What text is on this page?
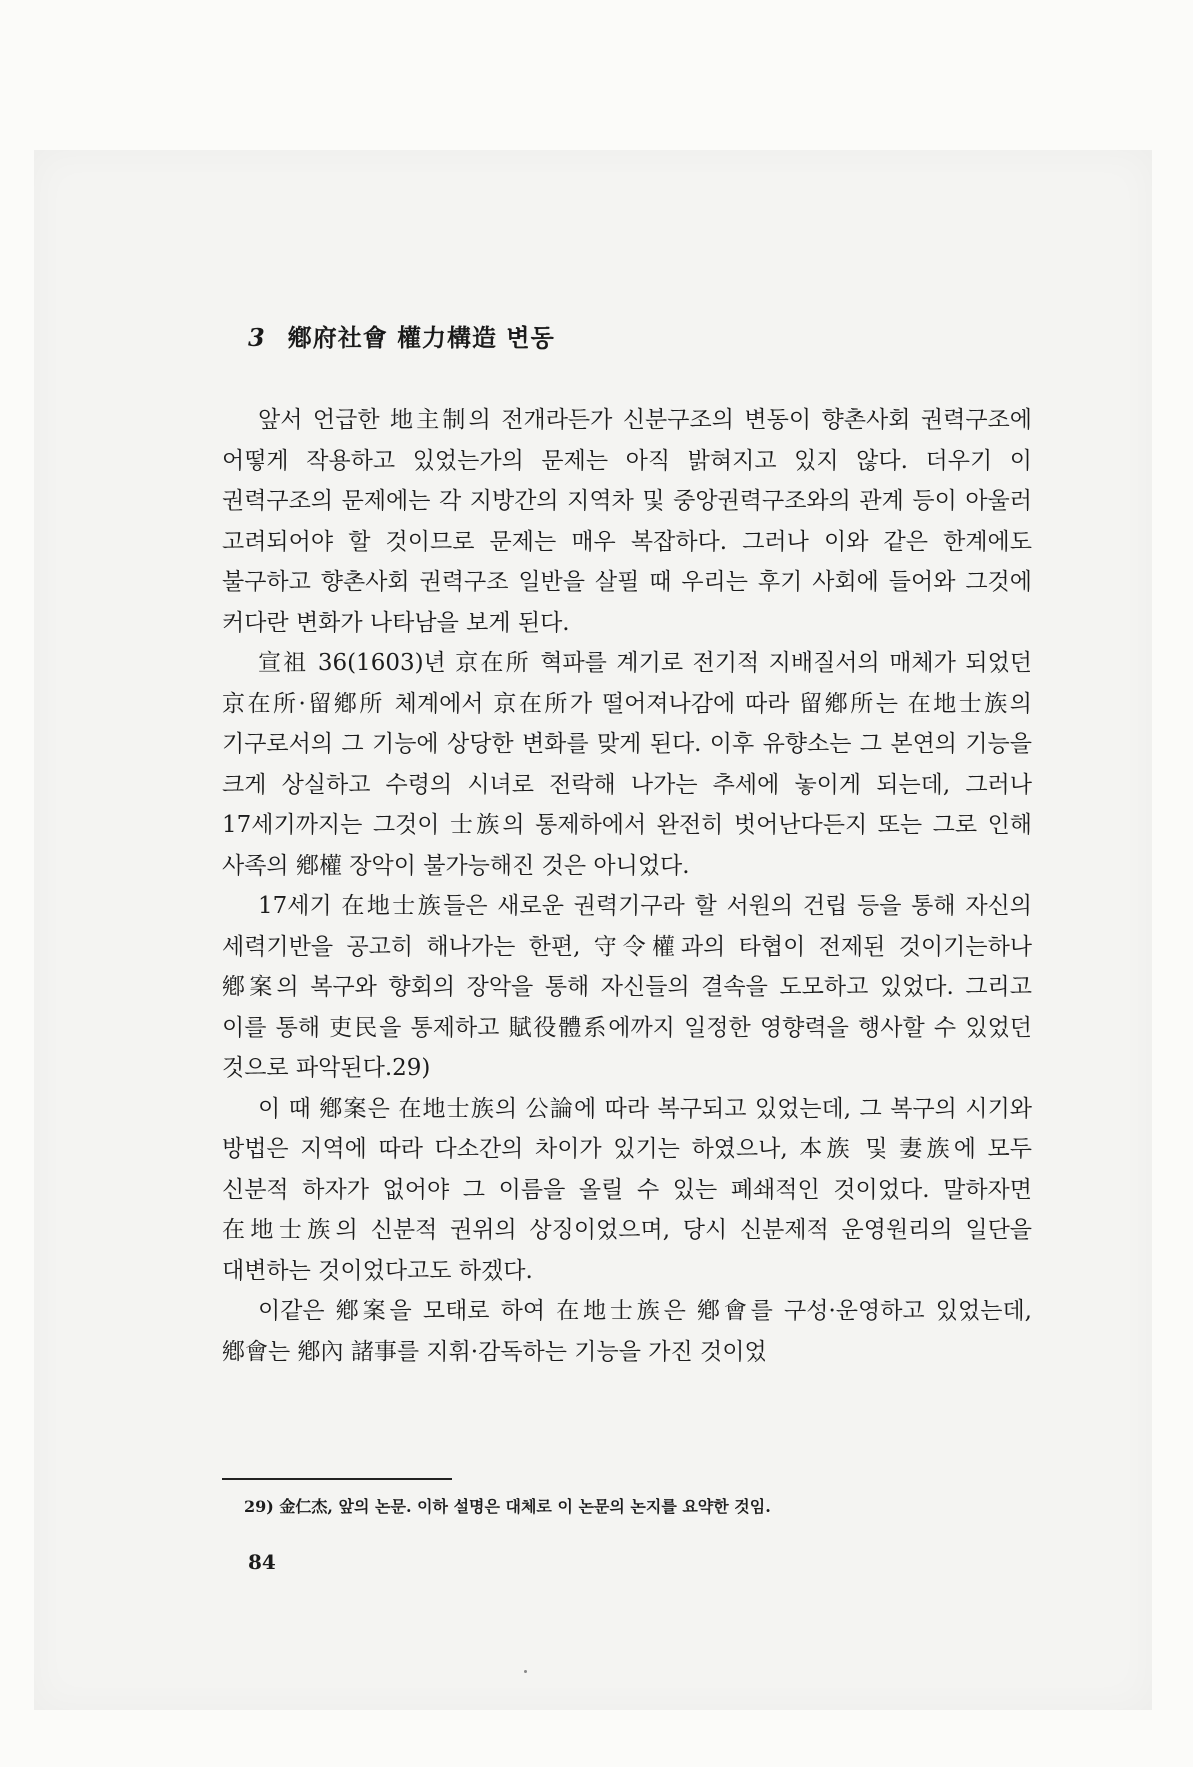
3 鄕府社會 權力構造 변동

앞서 언급한 地主制의 전개라든가 신분구조의 변동이 향촌사회 권력구조에 어떻게 작용하고 있었는가의 문제는 아직 밝혀지고 있지 않다. 더우기 이 권력구조의 문제에는 각 지방간의 지역차 및 중앙권력구조와의 관계 등이 아울러 고려되어야 할 것이므로 문제는 매우 복잡하다. 그러나 이와 같은 한계에도 불구하고 향촌사회 권력구조 일반을 살필 때 우리는 후기 사회에 들어와 그것에 커다란 변화가 나타남을 보게 된다.

宣祖 36(1603)년 京在所 혁파를 계기로 전기적 지배질서의 매체가 되었던 京在所·留鄕所 체계에서 京在所가 떨어져나감에 따라 留鄕所는 在地士族의 기구로서의 그 기능에 상당한 변화를 맞게 된다. 이후 유향소는 그 본연의 기능을 크게 상실하고 수령의 시녀로 전락해 나가는 추세에 놓이게 되는데, 그러나 17세기까지는 그것이 士族의 통제하에서 완전히 벗어난다든지 또는 그로 인해 사족의 鄕權 장악이 불가능해진 것은 아니었다.

17세기 在地士族들은 새로운 권력기구라 할 서원의 건립 등을 통해 자신의 세력기반을 공고히 해나가는 한편, 守令權과의 타협이 전제된 것이기는하나 鄕案의 복구와 향회의 장악을 통해 자신들의 결속을 도모하고 있었다. 그리고 이를 통해 吏民을 통제하고 賦役體系에까지 일정한 영향력을 행사할 수 있었던 것으로 파악된다.29)

이 때 鄕案은 在地士族의 公論에 따라 복구되고 있었는데, 그 복구의 시기와 방법은 지역에 따라 다소간의 차이가 있기는 하였으나, 本族 및 妻族에 모두 신분적 하자가 없어야 그 이름을 올릴 수 있는 폐쇄적인 것이었다. 말하자면 在地士族의 신분적 권위의 상징이었으며, 당시 신분제적 운영원리의 일단을 대변하는 것이었다고도 하겠다.

이같은 鄕案을 모태로 하여 在地士族은 鄕會를 구성·운영하고 있었는데, 鄕會는 鄕內 諸事를 지휘·감독하는 기능을 가진 것이었

29) 金仁杰, 앞의 논문. 이하 설명은 대체로 이 논문의 논지를 요약한 것임.
84
